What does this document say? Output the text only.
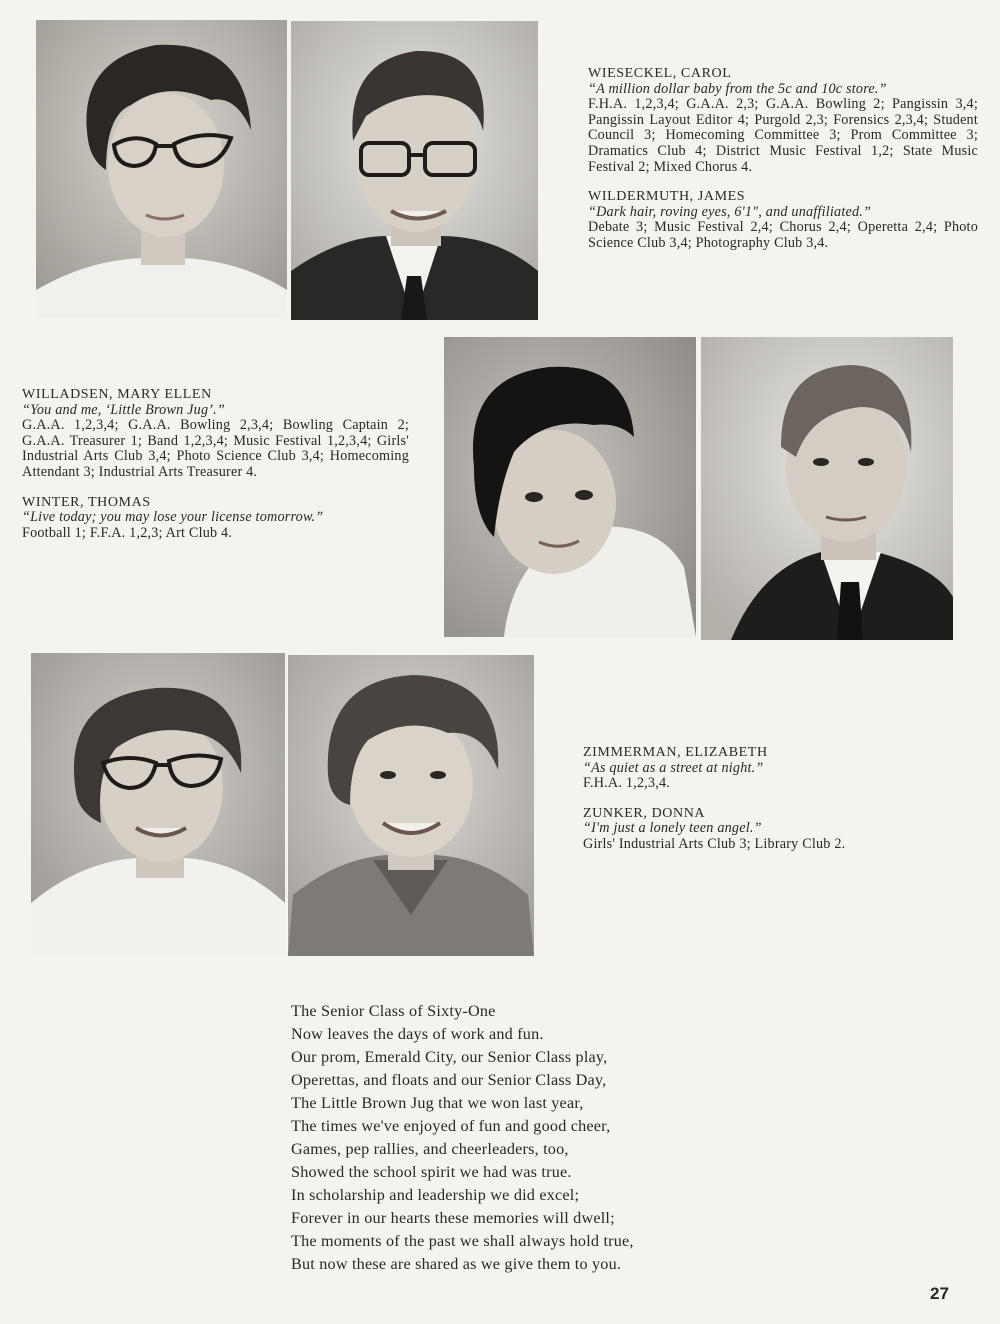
WIESECKEL, CAROL
“A million dollar baby from the 5c and 10c store.”
F.H.A. 1,2,3,4; G.A.A. 2,3; G.A.A. Bowling 2; Pangissin 3,4; Pangissin Layout Editor 4; Purgold 2,3; Forensics 2,3,4; Student Council 3; Homecoming Committee 3; Prom Committee 3; Dramatics Club 4; District Music Festival 1,2; State Music Festival 2; Mixed Chorus 4.
WILDERMUTH, JAMES
“Dark hair, roving eyes, 6'1", and unaffiliated.”
Debate 3; Music Festival 2,4; Chorus 2,4; Operetta 2,4; Photo Science Club 3,4; Photography Club 3,4.
WILLADSEN, MARY ELLEN
“You and me, ‘Little Brown Jug’.”
G.A.A. 1,2,3,4; G.A.A. Bowling 2,3,4; Bowling Captain 2; G.A.A. Treasurer 1; Band 1,2,3,4; Music Festival 1,2,3,4; Girls' Industrial Arts Club 3,4; Photo Science Club 3,4; Homecoming Attendant 3; Industrial Arts Treasurer 4.
WINTER, THOMAS
“Live today; you may lose your license tomorrow.”
Football 1; F.F.A. 1,2,3; Art Club 4.
ZIMMERMAN, ELIZABETH
“As quiet as a street at night.”
F.H.A. 1,2,3,4.
ZUNKER, DONNA
“I'm just a lonely teen angel.”
Girls' Industrial Arts Club 3; Library Club 2.
The Senior Class of Sixty-One
Now leaves the days of work and fun.
Our prom, Emerald City, our Senior Class play,
Operettas, and floats and our Senior Class Day,
The Little Brown Jug that we won last year,
The times we've enjoyed of fun and good cheer,
Games, pep rallies, and cheerleaders, too,
Showed the school spirit we had was true.
In scholarship and leadership we did excel;
Forever in our hearts these memories will dwell;
The moments of the past we shall always hold true,
But now these are shared as we give them to you.
27
